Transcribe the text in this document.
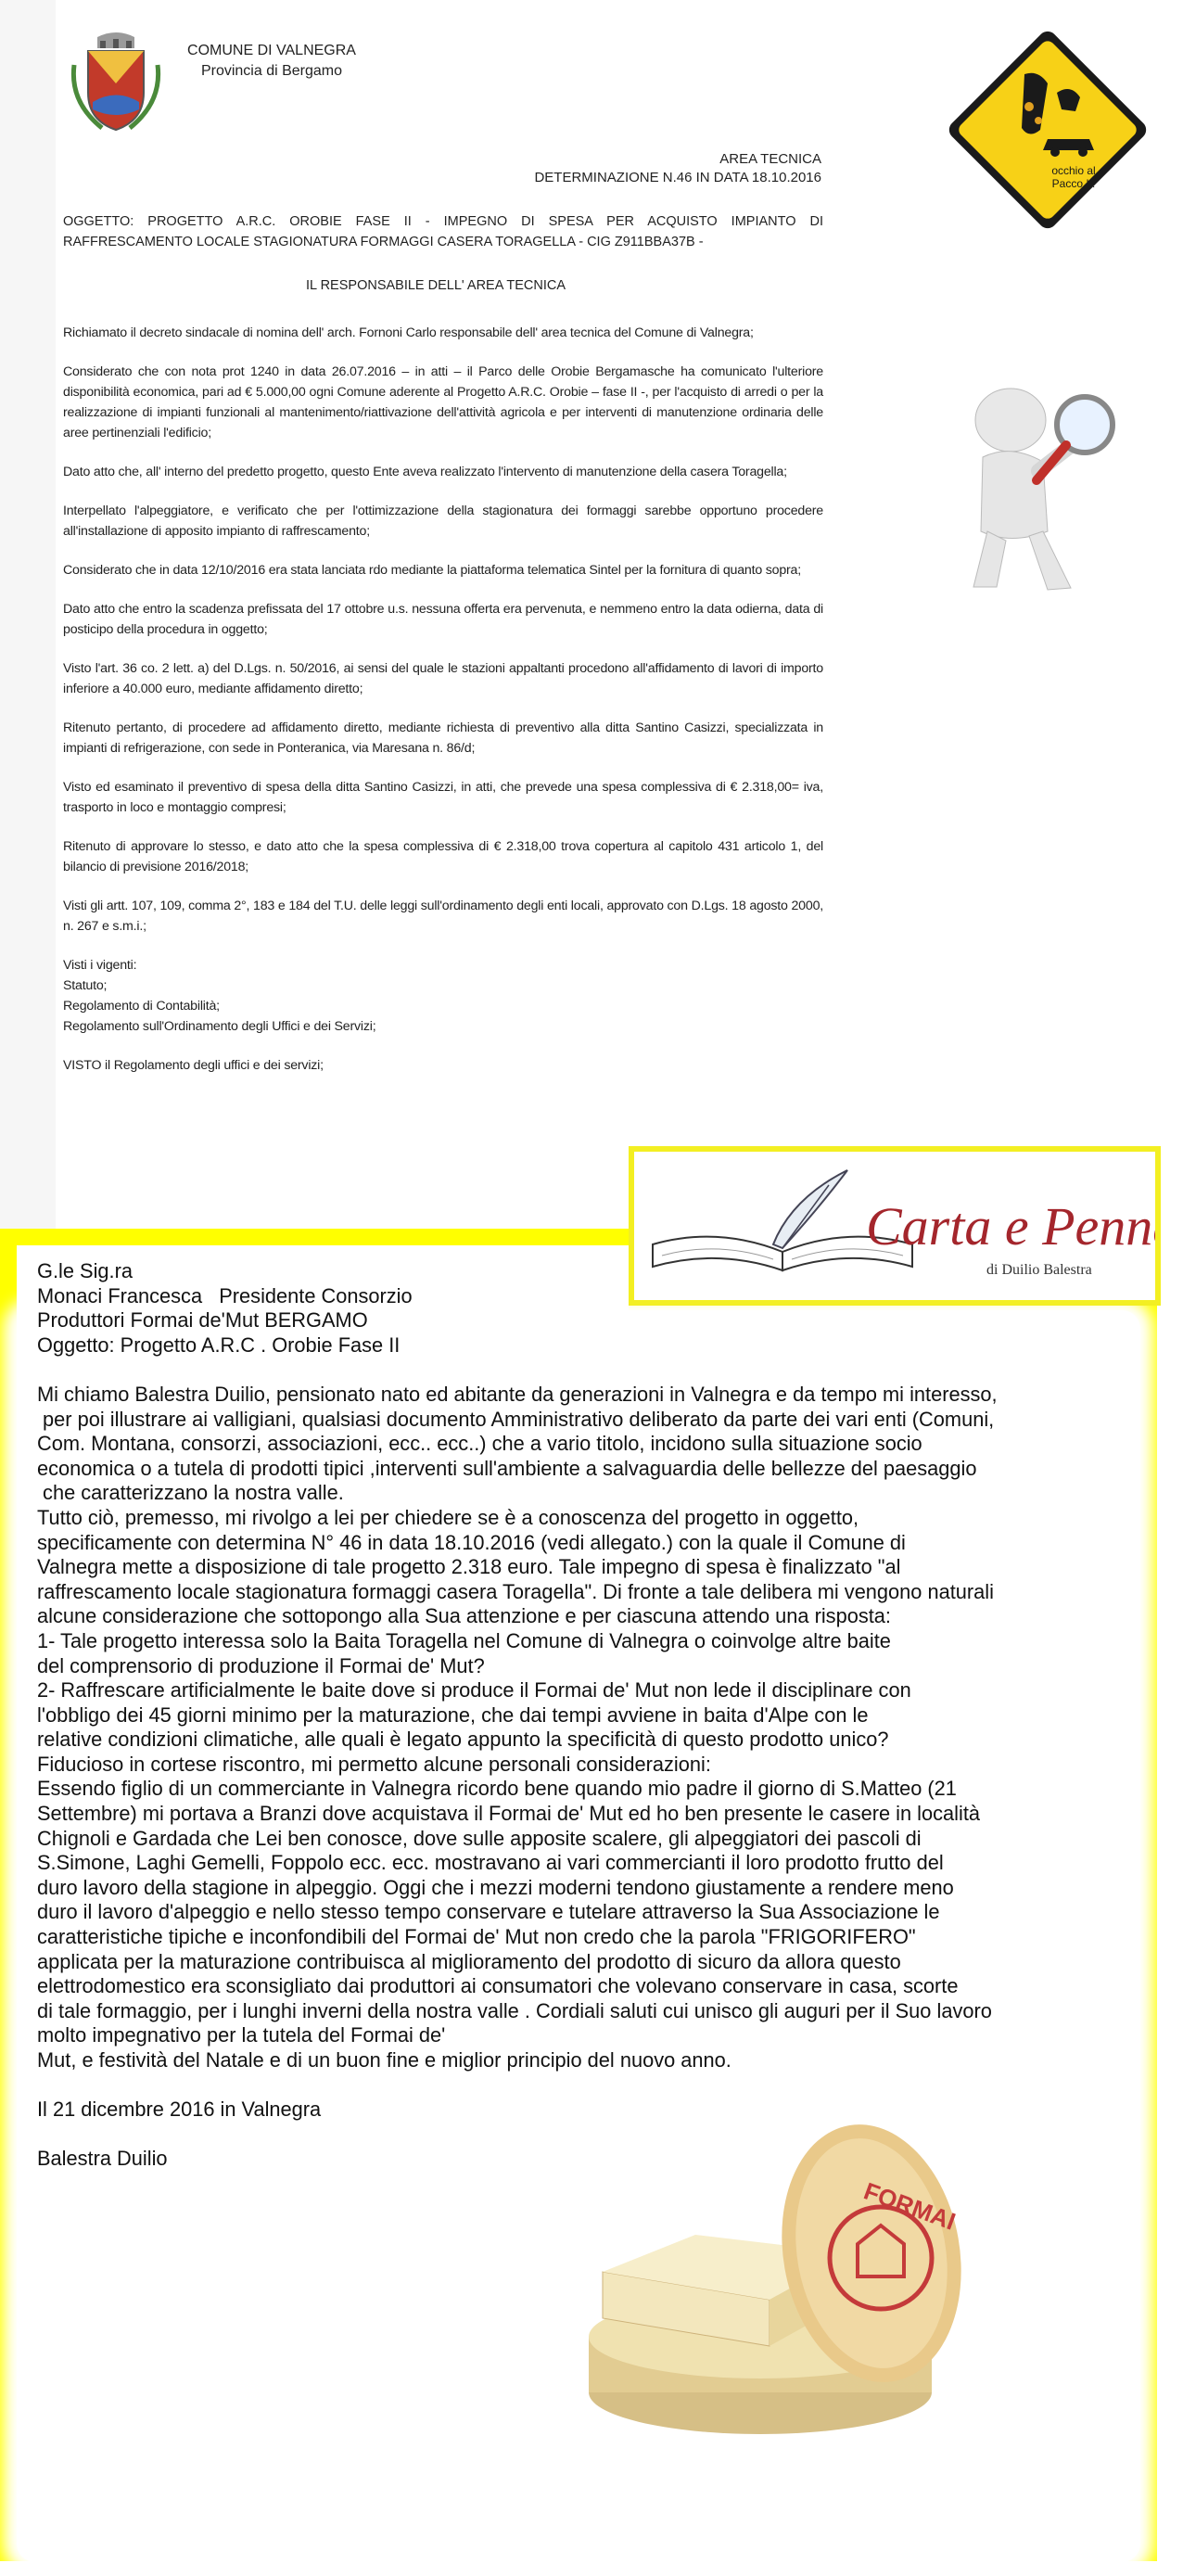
COMUNE DI VALNEGRA
Provincia di Bergamo
AREA TECNICA
DETERMINAZIONE N.46 IN DATA 18.10.2016
OGGETTO: PROGETTO A.R.C. OROBIE FASE II - IMPEGNO DI SPESA PER ACQUISTO IMPIANTO DI RAFFRESCAMENTO LOCALE STAGIONATURA FORMAGGI CASERA TORAGELLA - CIG Z911BBA37B -
IL RESPONSABILE DELL' AREA TECNICA

Richiamato il decreto sindacale di nomina dell' arch. Fornoni Carlo responsabile dell' area tecnica del Comune di Valnegra;

Considerato che con nota prot 1240 in data 26.07.2016 – in atti – il Parco delle Orobie Bergamasche ha comunicato l'ulteriore disponibilità economica, pari ad € 5.000,00 ogni Comune aderente al Progetto A.R.C. Orobie – fase II -, per l'acquisto di arredi o per la realizzazione di impianti funzionali al mantenimento/riattivazione dell'attività agricola e per interventi di manutenzione ordinaria delle aree pertinenziali l'edificio;

Dato atto che, all' interno del predetto progetto, questo Ente aveva realizzato l'intervento di manutenzione della casera Toragella;

Interpellato l'alpeggiatore, e verificato che per l'ottimizzazione della stagionatura dei formaggi sarebbe opportuno procedere all'installazione di apposito impianto di raffrescamento;

Considerato che in data 12/10/2016 era stata lanciata rdo mediante la piattaforma telematica Sintel per la fornitura di quanto sopra;

Dato atto che entro la scadenza prefissata del 17 ottobre u.s. nessuna offerta era pervenuta, e nemmeno entro la data odierna, data di posticipo della procedura in oggetto;

Visto l'art. 36 co. 2 lett. a) del D.Lgs. n. 50/2016, ai sensi del quale le stazioni appaltanti procedono all'affidamento di lavori di importo inferiore a 40.000 euro, mediante affidamento diretto;

Ritenuto pertanto, di procedere ad affidamento diretto, mediante richiesta di preventivo alla ditta Santino Casizzi, specializzata in impianti di refrigerazione, con sede in Ponteranica, via Maresana n. 86/d;

Visto ed esaminato il preventivo di spesa della ditta Santino Casizzi, in atti, che prevede una spesa complessiva di € 2.318,00= iva, trasporto in loco e montaggio compresi;

Ritenuto di approvare lo stesso, e dato atto che la spesa complessiva di € 2.318,00 trova copertura al capitolo 431 articolo 1, del bilancio di previsione 2016/2018;

Visti gli artt. 107, 109, comma 2°, 183 e 184 del T.U. delle leggi sull'ordinamento degli enti locali, approvato con D.Lgs. 18 agosto 2000, n. 267 e s.m.i.;

Visti i vigenti:
Statuto;
Regolamento di Contabilità;
Regolamento sull'Ordinamento degli Uffici e dei Servizi;

VISTO il Regolamento degli uffici e dei servizi;

occhio al
Pacco !!!
Carta e Penna
di Duilio Balestra
G.le Sig.ra
Monaci Francesca   Presidente Consorzio
Produttori Formai de'Mut BERGAMO
Oggetto: Progetto A.R.C . Orobie Fase II
Mi chiamo Balestra Duilio, pensionato nato ed abitante da generazioni in Valnegra e da tempo mi interesso,
per poi illustrare ai valligiani, qualsiasi documento Amministrativo deliberato da parte dei vari enti (Comuni,
Com. Montana, consorzi, associazioni, ecc.. ecc..) che a vario titolo, incidono sulla situazione socio
economica o a tutela di prodotti tipici ,interventi sull'ambiente a salvaguardia delle bellezze del paesaggio
che caratterizzano la nostra valle.
Tutto ciò, premesso, mi rivolgo a lei per chiedere se è a conoscenza del progetto in oggetto,
specificamente con determina N° 46 in data 18.10.2016 (vedi allegato.) con la quale il Comune di
Valnegra mette a disposizione di tale progetto 2.318 euro. Tale impegno di spesa è finalizzato "al
raffrescamento locale stagionatura formaggi casera Toragella". Di fronte a tale delibera mi vengono naturali
alcune considerazione che sottopongo alla Sua attenzione e per ciascuna attendo una risposta:
1- Tale progetto interessa solo la Baita Toragella nel Comune di Valnegra o coinvolge altre baite
del comprensorio di produzione il Formai de' Mut?
2- Raffrescare artificialmente le baite dove si produce il Formai de' Mut non lede il disciplinare con
l'obbligo dei 45 giorni minimo per la maturazione, che dai tempi avviene in baita d'Alpe con le
relative condizioni climatiche, alle quali è legato appunto la specificità di questo prodotto unico?
Fiducioso in cortese riscontro, mi permetto alcune personali considerazioni:
Essendo figlio di un commerciante in Valnegra ricordo bene quando mio padre il giorno di S.Matteo (21
Settembre) mi portava a Branzi dove acquistava il Formai de' Mut ed ho ben presente le casere in località
Chignoli e Gardada che Lei ben conosce, dove sulle apposite scalere, gli alpeggiatori dei pascoli di
S.Simone, Laghi Gemelli, Foppolo ecc. ecc. mostravano ai vari commercianti il loro prodotto frutto del
duro lavoro della stagione in alpeggio. Oggi che i mezzi moderni tendono giustamente a rendere meno
duro il lavoro d'alpeggio e nello stesso tempo conservare e tutelare attraverso la Sua Associazione le
caratteristiche tipiche e inconfondibili del Formai de' Mut non credo che la parola "FRIGORIFERO"
applicata per la maturazione contribuisca al miglioramento del prodotto di sicuro da allora questo
elettrodomestico era sconsigliato dai produttori ai consumatori che volevano conservare in casa, scorte
di tale formaggio, per i lunghi inverni della nostra valle . Cordiali saluti cui unisco gli auguri per il Suo lavoro
molto impegnativo per la tutela del Formai de'
Mut, e festività del Natale e di un buon fine e miglior principio del nuovo anno.
Il 21 dicembre 2016 in Valnegra
Balestra Duilio
FORMAI
